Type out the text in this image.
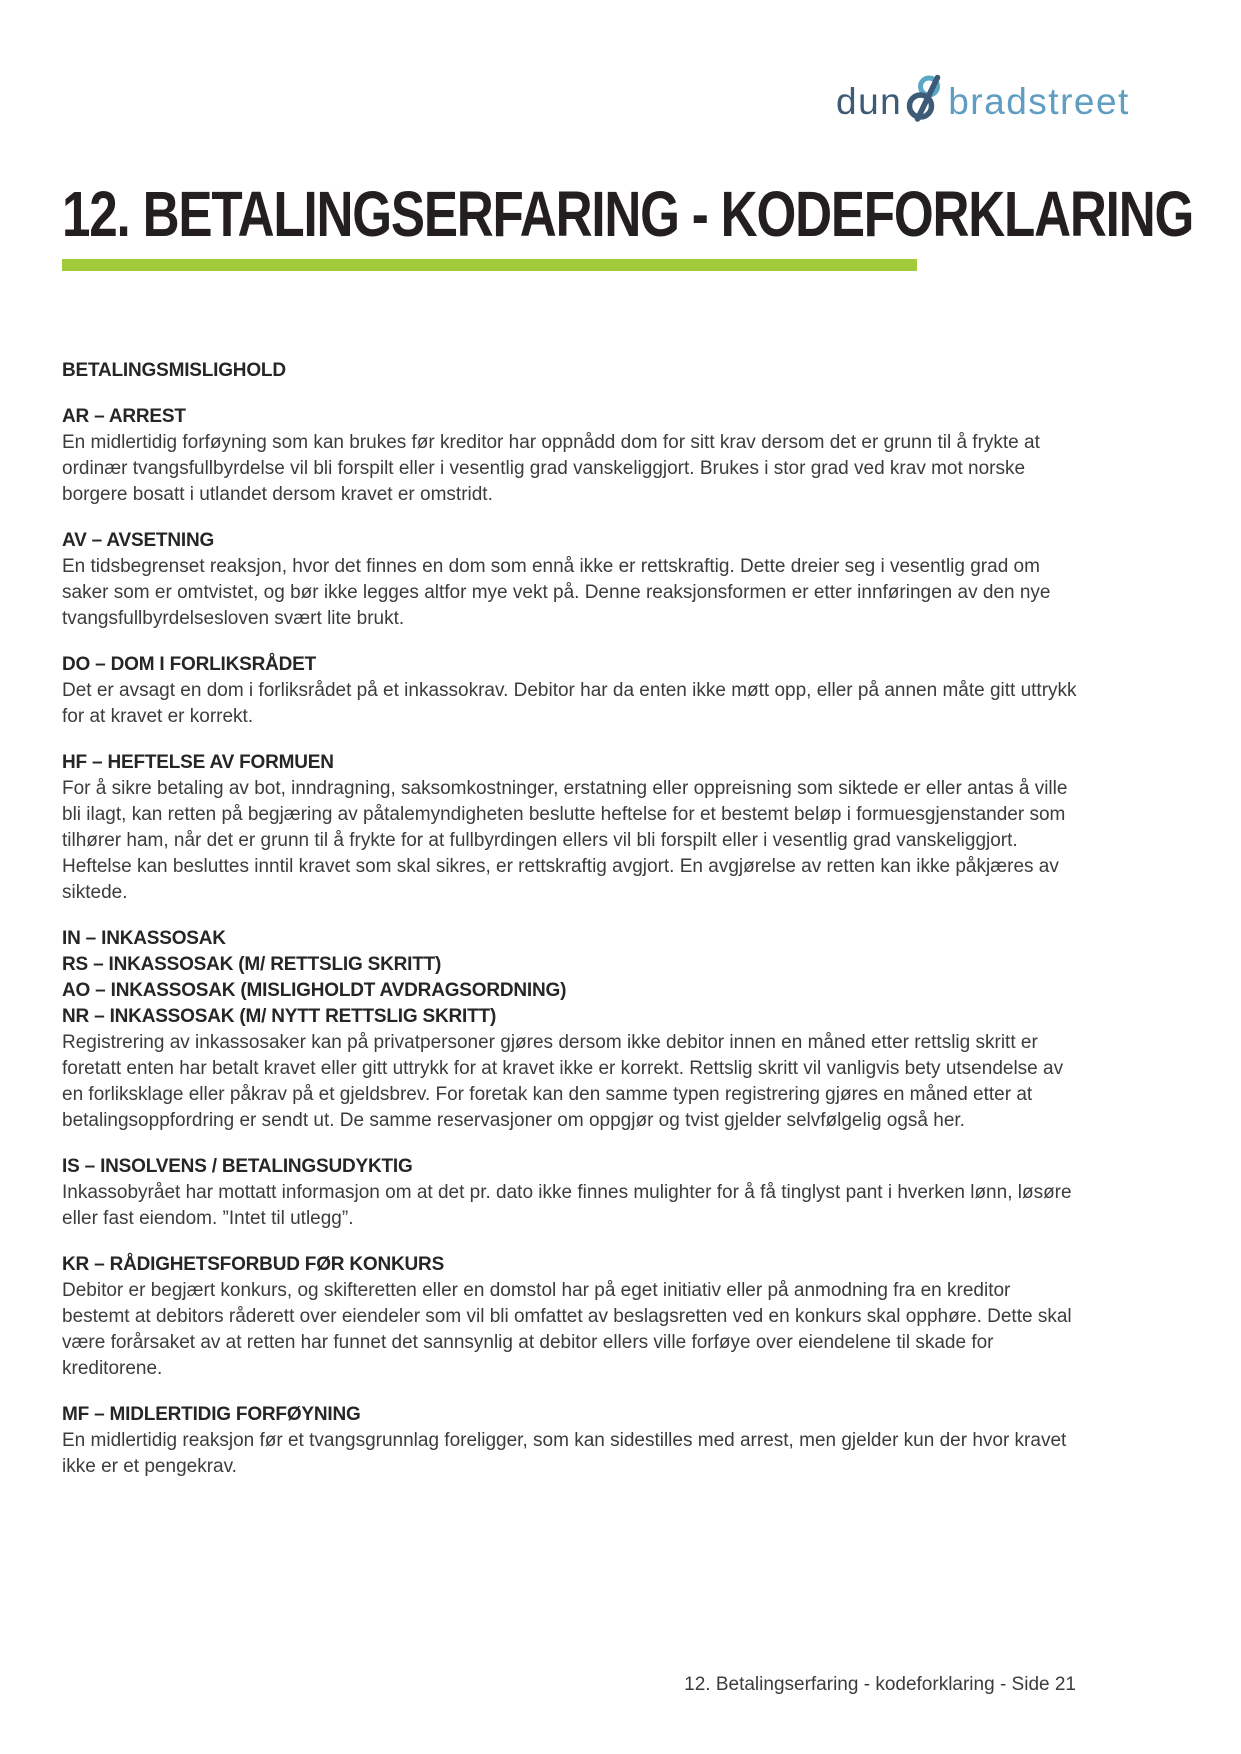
dun bradstreet
12. BETALINGSERFARING - KODEFORKLARING
BETALINGSMISLIGHOLD
AR – ARREST

En midlertidig forføyning som kan brukes før kreditor har oppnådd dom for sitt krav dersom det er grunn til å frykte at ordinær tvangsfullbyrdelse vil bli forspilt eller i vesentlig grad vanskeliggjort. Brukes i stor grad ved krav mot norske borgere bosatt i utlandet dersom kravet er omstridt.

AV – AVSETNING

En tidsbegrenset reaksjon, hvor det finnes en dom som ennå ikke er rettskraftig. Dette dreier seg i vesentlig grad om saker som er omtvistet, og bør ikke legges altfor mye vekt på. Denne reaksjonsformen er etter innføringen av den nye tvangsfullbyrdelsesloven svært lite brukt.

DO – DOM I FORLIKSRÅDET

Det er avsagt en dom i forliksrådet på et inkassokrav. Debitor har da enten ikke møtt opp, eller på annen måte gitt uttrykk for at kravet er korrekt.

HF – HEFTELSE AV FORMUEN

For å sikre betaling av bot, inndragning, saksomkostninger, erstatning eller oppreisning som siktede er eller antas å ville bli ilagt, kan retten på begjæring av påtalemyndigheten beslutte heftelse for et bestemt beløp i formuesgjenstander som tilhører ham, når det er grunn til å frykte for at fullbyrdingen ellers vil bli forspilt eller i vesentlig grad vanskeliggjort. Heftelse kan besluttes inntil kravet som skal sikres, er rettskraftig avgjort. En avgjørelse av retten kan ikke påkjæres av siktede.

IN – INKASSOSAK
RS – INKASSOSAK (M/ RETTSLIG SKRITT)
AO – INKASSOSAK (MISLIGHOLDT AVDRAGSORDNING)
NR – INKASSOSAK (M/ NYTT RETTSLIG SKRITT)

Registrering av inkassosaker kan på privatpersoner gjøres dersom ikke debitor innen en måned etter rettslig skritt er foretatt enten har betalt kravet eller gitt uttrykk for at kravet ikke er korrekt. Rettslig skritt vil vanligvis bety utsendelse av en forliksklage eller påkrav på et gjeldsbrev. For foretak kan den samme typen registrering gjøres en måned etter at betalingsoppfordring er sendt ut. De samme reservasjoner om oppgjør og tvist gjelder selvfølgelig også her.

IS – INSOLVENS / BETALINGSUDYKTIG

Inkassobyrået har mottatt informasjon om at det pr. dato ikke finnes mulighter for å få tinglyst pant i hverken lønn, løsøre eller fast eiendom. ”Intet til utlegg”.

KR – RÅDIGHETSFORBUD FØR KONKURS

Debitor er begjært konkurs, og skifteretten eller en domstol har på eget initiativ eller på anmodning fra en kreditor bestemt at debitors råderett over eiendeler som vil bli omfattet av beslagsretten ved en konkurs skal opphøre. Dette skal være forårsaket av at retten har funnet det sannsynlig at debitor ellers ville forføye over eiendelene til skade for kreditorene.

MF – MIDLERTIDIG FORFØYNING

En midlertidig reaksjon før et tvangsgrunnlag foreligger, som kan sidestilles med arrest, men gjelder kun der hvor kravet ikke er et pengekrav.

12. Betalingserfaring - kodeforklaring - Side 21
